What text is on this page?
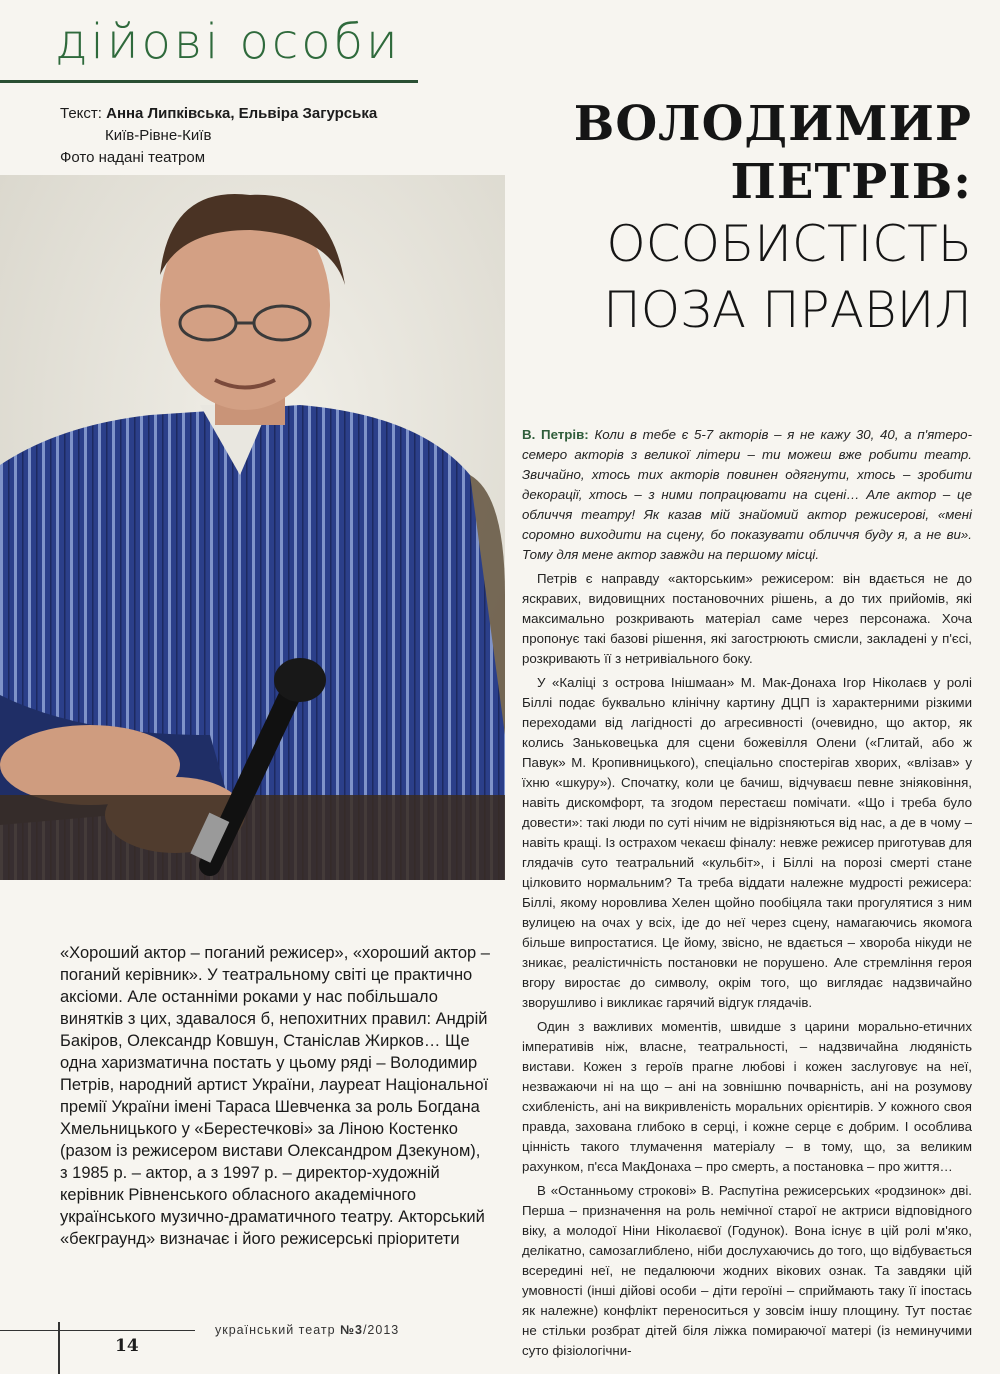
дійові особи
Текст: Анна Липківська, Ельвіра Загурська
Київ-Рівне-Київ
Фото надані театром
ВОЛОДИМИР
ПЕТРІВ:
ОСОБИСТІСТЬ
ПОЗА ПРАВИЛ
«Хороший актор – поганий режисер», «хороший актор – поганий керівник». У театральному світі це практично аксіоми. Але останніми роками у нас побільшало винятків з цих, здавалося б, непохитних правил: Андрій Бакіров, Олександр Ковшун, Станіслав Жирков… Ще одна харизматична постать у цьому ряді – Володимир Петрів, народний артист України, лауреат Національної премії України імені Тараса Шевченка за роль Богдана Хмельницького у «Берестечкові» за Ліною Костенко (разом із режисером вистави Олександром Дзекуном), з 1985 р. – актор, а з 1997 р. – директор-художній керівник Рівненського обласного академічного українського музично-драматичного театру. Акторський «бекграунд» визначає і його режисерські пріоритети

В. Петрів: Коли в тебе є 5-7 акторів – я не кажу 30, 40, а п'ятеро-семеро акторів з великої літери – ти можеш вже робити театр. Звичайно, хтось тих акторів повинен одягнути, хтось – зробити декорації, хтось – з ними попрацювати на сцені… Але актор – це обличчя театру! Як казав мій знайомий актор режисерові, «мені соромно виходити на сцену, бо показувати обличчя буду я, а не ви». Тому для мене актор завжди на першому місці.

Петрів є направду «акторським» режисером: він вдається не до яскравих, видовищних постановочних рішень, а до тих прийомів, які максимально розкривають матеріал саме через персонажа. Хоча пропонує такі базові рішення, які загострюють смисли, закладені у п'єсі, розкривають її з нетривіального боку.

У «Каліці з острова Інішмаан» М. Мак-Донаха Ігор Ніколаєв у ролі Біллі подає буквально клінічну картину ДЦП із характерними різкими переходами від лагідності до агресивності (очевидно, що актор, як колись Заньковецька для сцени божевілля Олени («Глитай, або ж Павук» М. Кропивницького), спеціально спостерігав хворих, «влізав» у їхню «шкуру»). Спочатку, коли це бачиш, відчуваєш певне зніяковіння, навіть дискомфорт, та згодом перестаєш помічати. «Що і треба було довести»: такі люди по суті нічим не відрізняються від нас, а де в чому – навіть кращі. Із острахом чекаєш фіналу: невже режисер приготував для глядачів суто театральний «кульбіт», і Біллі на порозі смерті стане цілковито нормальним? Та треба віддати належне мудрості режисера: Біллі, якому норовлива Хелен щойно пообіцяла таки прогулятися з ним вулицею на очах у всіх, іде до неї через сцену, намагаючись якомога більше випростатися. Це йому, звісно, не вдається – хвороба нікуди не зникає, реалістичність постановки не порушено. Але стремління героя вгору виростає до символу, окрім того, що виглядає надзвичайно зворушливо і викликає гарячий відгук глядачів.

Один з важливих моментів, швидше з царини морально-етичних імперативів ніж, власне, театральності, – надзвичайна людяність вистави. Кожен з героїв прагне любові і кожен заслуговує на неї, незважаючи ні на що – ані на зовнішню почварність, ані на розумову схибленість, ані на викривленість моральних орієнтирів. У кожного своя правда, захована глибоко в серці, і кожне серце є добрим. І особлива цінність такого тлумачення матеріалу – в тому, що, за великим рахунком, п'єса МакДонаха – про смерть, а постановка – про життя…

В «Останньому строкові» В. Распутіна режисерських «родзинок» дві. Перша – призначення на роль немічної старої не актриси відповідного віку, а молодої Ніни Ніколаєвої (Годунок). Вона існує в цій ролі м'яко, делікатно, самозаглиблено, ніби дослухаючись до того, що відбувається всередині неї, не педалюючи жодних вікових ознак. Та завдяки цій умовності (інші дійові особи – діти героїні – сприймають таку її іпостась як належне) конфлікт переноситься у зовсім іншу площину. Тут постає не стільки розбрат дітей біля ліжка помираючої матері (із неминучими суто фізіологічни-

14
український театр №3/2013
